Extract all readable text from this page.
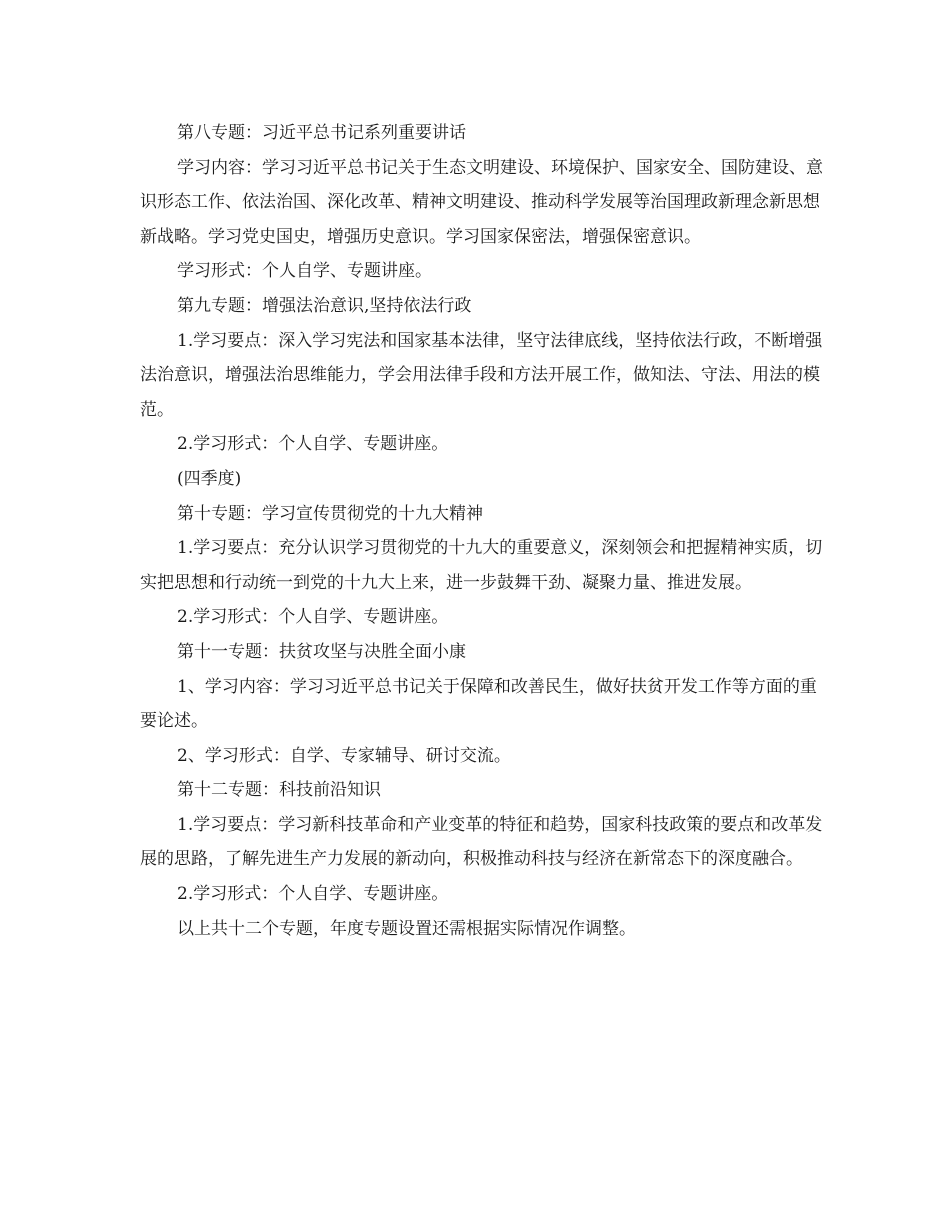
第八专题：习近平总书记系列重要讲话

学习内容：学习习近平总书记关于生态文明建设、环境保护、国家安全、国防建设、意识形态工作、依法治国、深化改革、精神文明建设、推动科学发展等治国理政新理念新思想新战略。学习党史国史，增强历史意识。学习国家保密法，增强保密意识。

学习形式：个人自学、专题讲座。

第九专题：增强法治意识,坚持依法行政

1.学习要点：深入学习宪法和国家基本法律，坚守法律底线，坚持依法行政，不断增强法治意识，增强法治思维能力，学会用法律手段和方法开展工作，做知法、守法、用法的模范。

2.学习形式：个人自学、专题讲座。

(四季度)

第十专题：学习宣传贯彻党的十九大精神

1.学习要点：充分认识学习贯彻党的十九大的重要意义，深刻领会和把握精神实质，切实把思想和行动统一到党的十九大上来，进一步鼓舞干劲、凝聚力量、推进发展。

2.学习形式：个人自学、专题讲座。

第十一专题：扶贫攻坚与决胜全面小康

1、学习内容：学习习近平总书记关于保障和改善民生，做好扶贫开发工作等方面的重要论述。

2、学习形式：自学、专家辅导、研讨交流。

第十二专题：科技前沿知识

1.学习要点：学习新科技革命和产业变革的特征和趋势，国家科技政策的要点和改革发展的思路，了解先进生产力发展的新动向，积极推动科技与经济在新常态下的深度融合。

2.学习形式：个人自学、专题讲座。

以上共十二个专题，年度专题设置还需根据实际情况作调整。
